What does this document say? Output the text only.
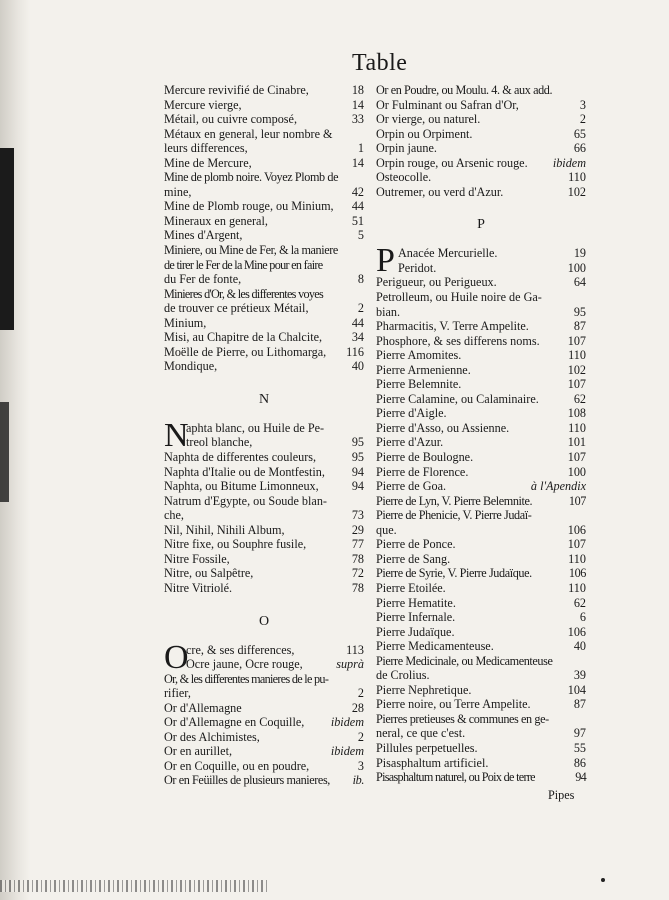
Table
Mercure revivifié de Cinabre,	18
Mercure vierge,	14
Métail, ou cuivre composé,	33
Métaux en general, leur nombre &
leurs differences,	1
Mine de Mercure,	14
Mine de plomb noire. Voyez Plomb de
mine,	42
Mine de Plomb rouge, ou Minium, 44
Mineraux en general,	51
Mines d'Argent,	5
Miniere, ou Mine de Fer, & la maniere
de tirer le Fer de la Mine pour en faire
du Fer de fonte,	8
Minieres d'Or, & les differentes voyes
de trouver ce prétieux Métail,	2
Minium,	44
Misi, au Chapitre de la Chalcite, 34
Moëlle de Pierre, ou Lithomarga, 116
Mondique,	40
N
N
aphta blanc, ou Huile de Pe-
treol blanche,	95
Naphta de differentes couleurs,	95
Naphta d'Italie ou de Montfestin, 94
Naphta, ou Bitume Limonneux,	94
Natrum d'Egypte, ou Soude blan-
che,	73
Nil, Nihil, Nihili Album,	29
Nitre fixe, ou Souphre fusile,	77
Nitre Fossile,	78
Nitre, ou Salpêtre,	72
Nitre Vitriolé.	78
O
O
cre, & ses differences,	113
Ocre jaune, Ocre rouge,	suprà
Or, & les differentes manieres de le pu-
rifier,	2
Or d'Allemagne	28
Or d'Allemagne en Coquille, ibidem
Or des Alchimistes,	2
Or en aurillet,	ibidem
Or en Coquille, ou en poudre,	3
Or en Feüilles de plusieurs manieres, ib.
Or en Poudre, ou Moulu. 4. & aux add.
Or Fulminant ou Safran d'Or,	3
Or vierge, ou naturel.	2
Orpin ou Orpiment.	65
Orpin jaune.	66
Orpin rouge, ou Arsenic rouge. ibidem
Osteocolle.	110
Outremer, ou verd d'Azur.	102
P
P Anacée Mercurielle.	19
Peridot.	100
Perigueur, ou Perigueux.	64
Petrolleum, ou Huile noire de Ga-
bian.	95
Pharmacitis, V. Terre Ampelite.	87
Phosphore, & ses differens noms. 107
Pierre Amomites.	110
Pierre Armenienne.	102
Pierre Belemnite.	107
Pierre Calamine, ou Calaminaire.	62
Pierre d'Aigle.	108
Pierre d'Asso, ou Assienne.	110
Pierre d'Azur.	101
Pierre de Boulogne.	107
Pierre de Florence.	100
Pierre de Goa.	à l'Apendix
Pierre de Lyn, V. Pierre Belemnite.	107
Pierre de Phenicie, V. Pierre Judaï-
que.	106
Pierre de Ponce.	107
Pierre de Sang.	110
Pierre de Syrie, V. Pierre Judaïque.	106
Pierre Etoilée.	110
Pierre Hematite.	62
Pierre Infernale.	6
Pierre Judaïque.	106
Pierre Medicamenteuse.	40
Pierre Medicinale, ou Medicamenteuse
de Crolius.	39
Pierre Nephretique.	104
Pierre noire, ou Terre Ampelite.	87
Pierres pretieuses & communes en ge-
neral, ce que c'est.	97
Pillules perpetuelles.	55
Pisasphaltum artificiel.	86
Pisasphaltum naturel, ou Poix de terre	94
Pipes
